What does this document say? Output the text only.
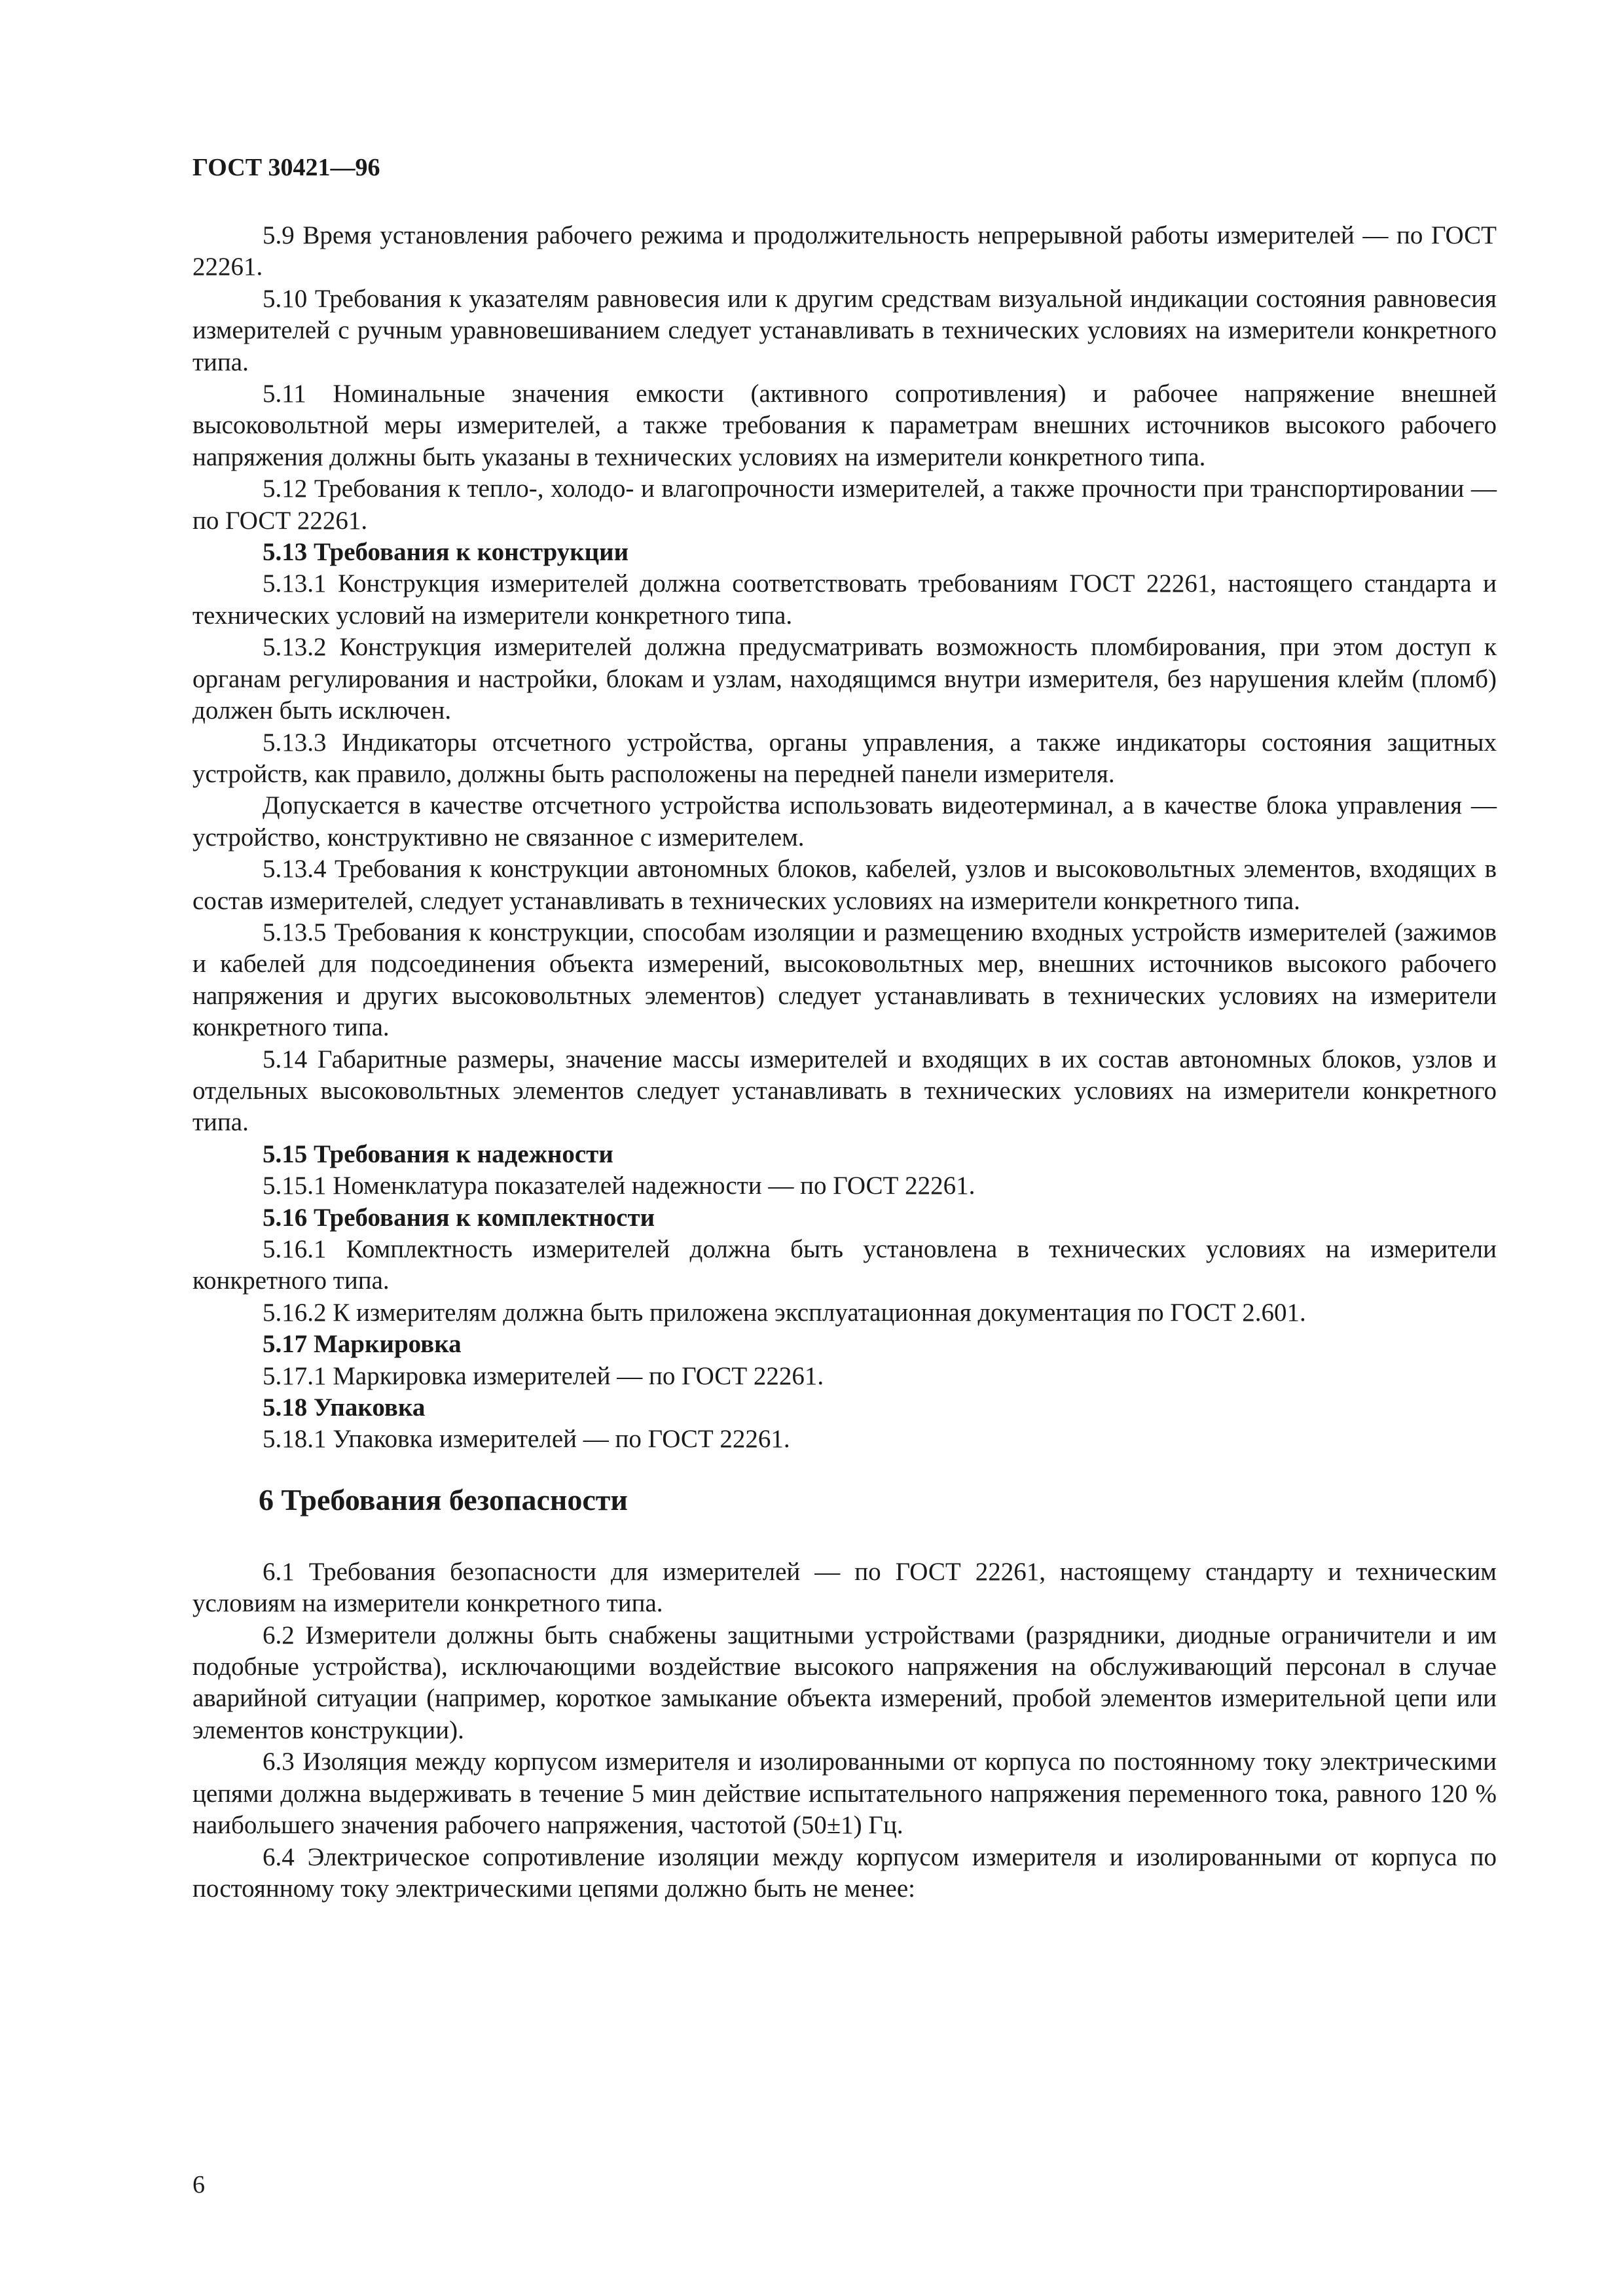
ГОСТ 30421—96

5.9 Время установления рабочего режима и продолжительность непрерывной работы измерителей — по ГОСТ 22261.

5.10 Требования к указателям равновесия или к другим средствам визуальной индикации состояния равновесия измерителей с ручным уравновешиванием следует устанавливать в технических условиях на измерители конкретного типа.

5.11 Номинальные значения емкости (активного сопротивления) и рабочее напряжение внешней высоковольтной меры измерителей, а также требования к параметрам внешних источников высокого рабочего напряжения должны быть указаны в технических условиях на измерители конкретного типа.

5.12 Требования к тепло-, холодо- и влагопрочности измерителей, а также прочности при транспортировании — по ГОСТ 22261.

5.13 Требования к конструкции

5.13.1 Конструкция измерителей должна соответствовать требованиям ГОСТ 22261, настоящего стандарта и технических условий на измерители конкретного типа.

5.13.2 Конструкция измерителей должна предусматривать возможность пломбирования, при этом доступ к органам регулирования и настройки, блокам и узлам, находящимся внутри измерителя, без нарушения клейм (пломб) должен быть исключен.

5.13.3 Индикаторы отсчетного устройства, органы управления, а также индикаторы состояния защитных устройств, как правило, должны быть расположены на передней панели измерителя.

Допускается в качестве отсчетного устройства использовать видеотерминал, а в качестве блока управления — устройство, конструктивно не связанное с измерителем.

5.13.4 Требования к конструкции автономных блоков, кабелей, узлов и высоковольтных элементов, входящих в состав измерителей, следует устанавливать в технических условиях на измерители конкретного типа.

5.13.5 Требования к конструкции, способам изоляции и размещению входных устройств измерителей (зажимов и кабелей для подсоединения объекта измерений, высоковольтных мер, внешних источников высокого рабочего напряжения и других высоковольтных элементов) следует устанавливать в технических условиях на измерители конкретного типа.

5.14 Габаритные размеры, значение массы измерителей и входящих в их состав автономных блоков, узлов и отдельных высоковольтных элементов следует устанавливать в технических условиях на измерители конкретного типа.

5.15 Требования к надежности

5.15.1 Номенклатура показателей надежности — по ГОСТ 22261.

5.16 Требования к комплектности

5.16.1 Комплектность измерителей должна быть установлена в технических условиях на измерители конкретного типа.

5.16.2 К измерителям должна быть приложена эксплуатационная документация по ГОСТ 2.601.

5.17 Маркировка

5.17.1 Маркировка измерителей — по ГОСТ 22261.

5.18 Упаковка

5.18.1 Упаковка измерителей — по ГОСТ 22261.

6 Требования безопасности

6.1 Требования безопасности для измерителей — по ГОСТ 22261, настоящему стандарту и техническим условиям на измерители конкретного типа.

6.2 Измерители должны быть снабжены защитными устройствами (разрядники, диодные ограничители и им подобные устройства), исключающими воздействие высокого напряжения на обслуживающий персонал в случае аварийной ситуации (например, короткое замыкание объекта измерений, пробой элементов измерительной цепи или элементов конструкции).

6.3 Изоляция между корпусом измерителя и изолированными от корпуса по постоянному току электрическими цепями должна выдерживать в течение 5 мин действие испытательного напряжения переменного тока, равного 120 % наибольшего значения рабочего напряжения, частотой (50±1) Гц.

6.4 Электрическое сопротивление изоляции между корпусом измерителя и изолированными от корпуса по постоянному току электрическими цепями должно быть не менее:

6
